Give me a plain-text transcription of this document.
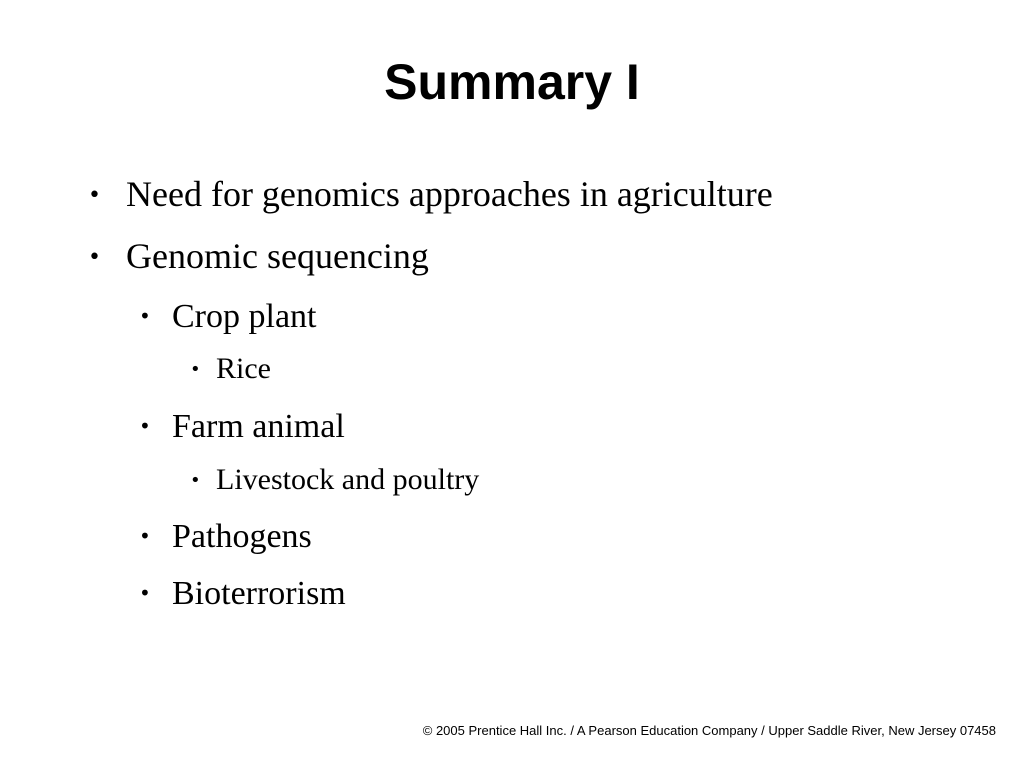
Summary I
• Need for genomics approaches in agriculture
• Genomic sequencing
• Crop plant
• Rice
• Farm animal
• Livestock and poultry
• Pathogens
• Bioterrorism
© 2005 Prentice Hall Inc. / A Pearson Education Company / Upper Saddle River, New Jersey 07458
